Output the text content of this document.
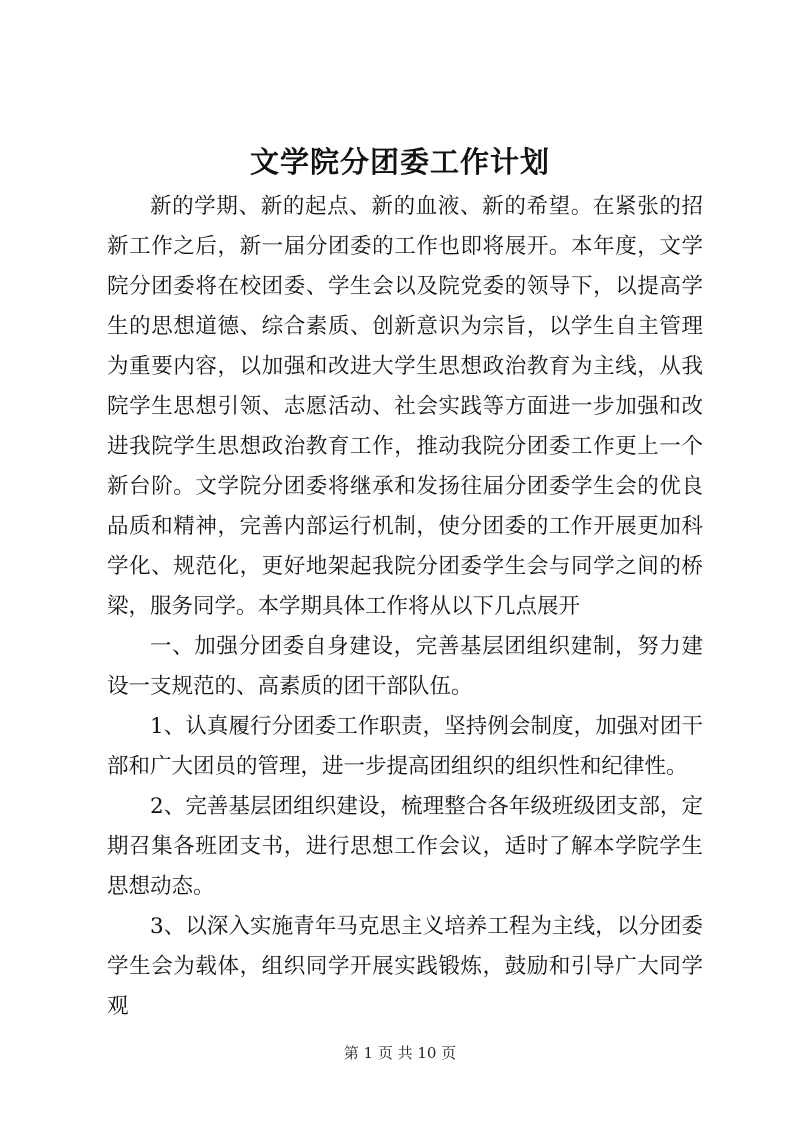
文学院分团委工作计划

新的学期、新的起点、新的血液、新的希望。在紧张的招新工作之后，新一届分团委的工作也即将展开。本年度，文学院分团委将在校团委、学生会以及院党委的领导下，以提高学生的思想道德、综合素质、创新意识为宗旨，以学生自主管理为重要内容，以加强和改进大学生思想政治教育为主线，从我院学生思想引领、志愿活动、社会实践等方面进一步加强和改进我院学生思想政治教育工作，推动我院分团委工作更上一个新台阶。文学院分团委将继承和发扬往届分团委学生会的优良品质和精神，完善内部运行机制，使分团委的工作开展更加科学化、规范化，更好地架起我院分团委学生会与同学之间的桥梁，服务同学。本学期具体工作将从以下几点展开

一、加强分团委自身建设，完善基层团组织建制，努力建设一支规范的、高素质的团干部队伍。

1、认真履行分团委工作职责，坚持例会制度，加强对团干部和广大团员的管理，进一步提高团组织的组织性和纪律性。

2、完善基层团组织建设，梳理整合各年级班级团支部，定期召集各班团支书，进行思想工作会议，适时了解本学院学生思想动态。

3、以深入实施青年马克思主义培养工程为主线，以分团委学生会为载体，组织同学开展实践锻炼，鼓励和引导广大同学观

第 1 页 共 10 页
